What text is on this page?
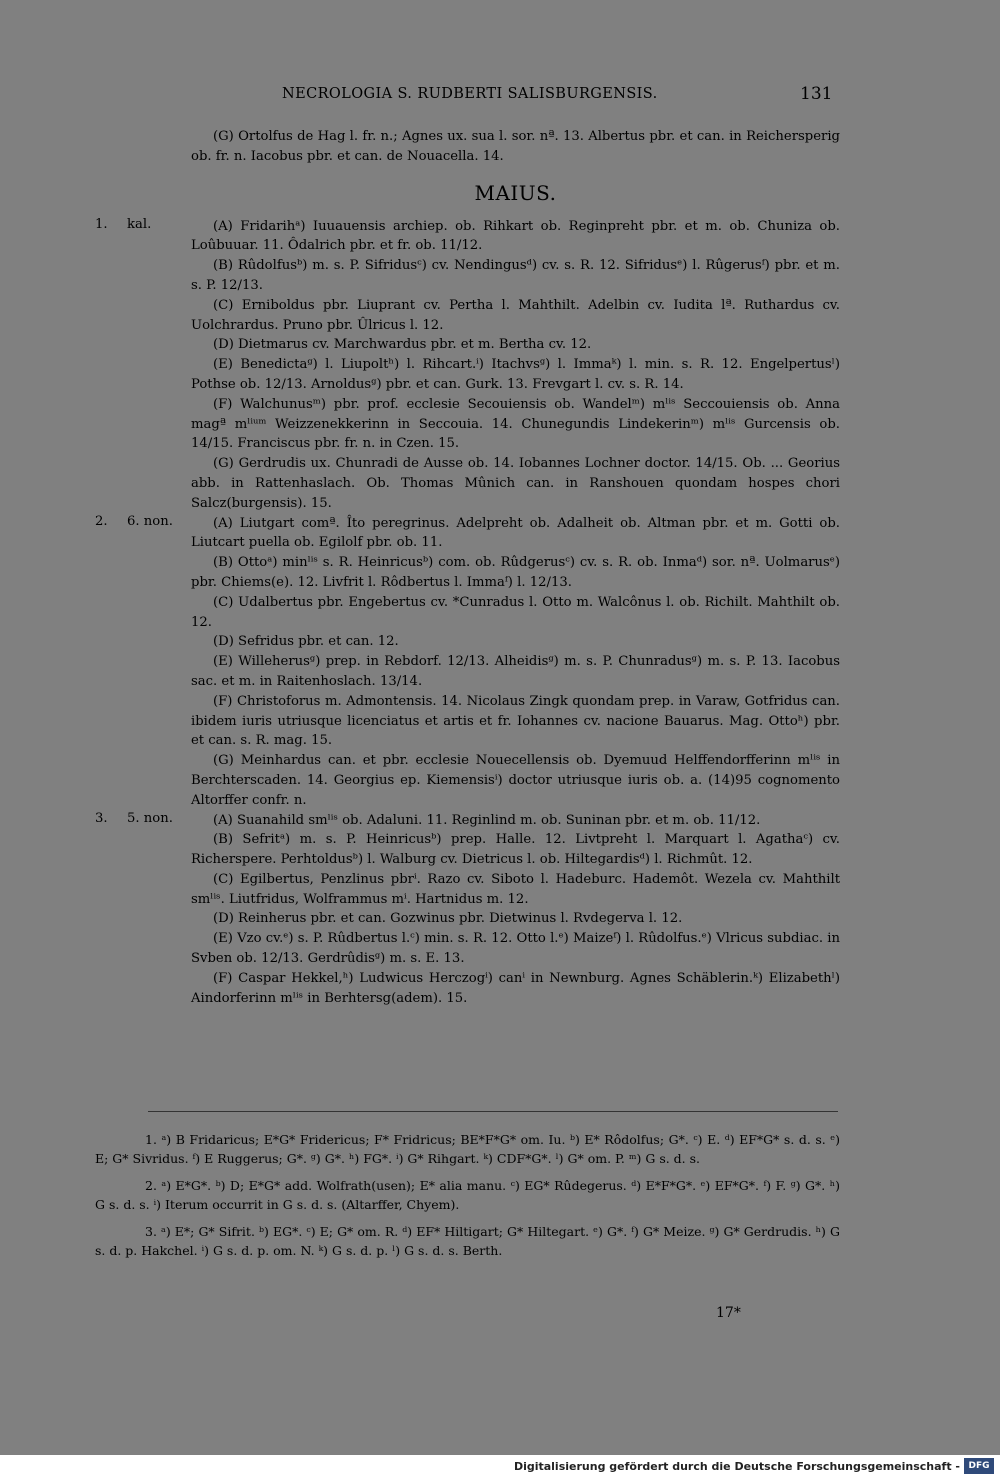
NECROLOGIA S. RUDBERTI SALISBURGENSIS.	131

(G) Ortolfus de Hag l. fr. n.; Agnes ux. sua l. sor. nª. 13. Albertus pbr. et can. in Reichersperig ob. fr. n. Iacobus pbr. et can. de Nouacella. 14.

MAIUS.
1.	kal.	(A) Fridarihᵃ) Iuuauensis archiep. ob. Rihkart ob. Reginpreht pbr. et m. ob. Chuniza ob. Loûbuuar. 11. Ôdalrich pbr. et fr. ob. 11/12.

(B) Rûdolfusᵇ) m. s. P. Sifridusᶜ) cv. Nendingusᵈ) cv. s. R. 12. Sifridusᵉ) l. Rûgerusᶠ) pbr. et m. s. P. 12/13.

(C) Erniboldus pbr. Liuprant cv. Pertha l. Mahthilt. Adelbin cv. Iudita lª. Ruthardus cv. Uolchrardus. Pruno pbr. Ûlricus l. 12.

(D) Dietmarus cv. Marchwardus pbr. et m. Bertha cv. 12.

(E) Benedictaᵍ) l. Liupoltʰ) l. Rihcart.ⁱ) Itachvsᵍ) l. Immaᵏ) l. min. s. R. 12. Engelpertusˡ) Pothse ob. 12/13. Arnoldusᵍ) pbr. et can. Gurk. 13. Frevgart l. cv. s. R. 14.

(F) Walchunusᵐ) pbr. prof. ecclesie Secouiensis ob. Wandelᵐ) mˡⁱˢ Seccouiensis ob. Anna magª mˡⁱᵘᵐ Weizzenekkerinn in Seccouia. 14. Chunegundis Lindekerinᵐ) mˡⁱˢ Gurcensis ob. 14/15. Franciscus pbr. fr. n. in Czen. 15.

(G) Gerdrudis ux. Chunradi de Ausse ob. 14. Iobannes Lochner doctor. 14/15. Ob. ... Georius abb. in Rattenhaslach. Ob. Thomas Mûnich can. in Ranshouen quondam hospes chori Salcz(burgensis). 15.

2.	6. non.	(A) Liutgart comª. Îto peregrinus. Adelpreht ob. Adalheit ob. Altman pbr. et m. Gotti ob. Liutcart puella ob. Egilolf pbr. ob. 11.

(B) Ottoᵃ) minˡⁱˢ s. R. Heinricusᵇ) com. ob. Rûdgerusᶜ) cv. s. R. ob. Inmaᵈ) sor. nª. Uolmarusᵉ) pbr. Chiems(e). 12. Livfrit l. Rôdbertus l. Immaᶠ) l. 12/13.

(C) Udalbertus pbr. Engebertus cv. *Cunradus l. Otto m. Walcônus l. ob. Richilt. Mahthilt ob. 12.

(D) Sefridus pbr. et can. 12.

(E) Willeherusᵍ) prep. in Rebdorf. 12/13. Alheidisᵍ) m. s. P. Chunradusᵍ) m. s. P. 13. Iacobus sac. et m. in Raitenhoslach. 13/14.

(F) Christoforus m. Admontensis. 14. Nicolaus Zingk quondam prep. in Varaw, Gotfridus can. ibidem iuris utriusque licenciatus et artis et fr. Iohannes cv. nacione Bauarus. Mag. Ottoʰ) pbr. et can. s. R. mag. 15.

(G) Meinhardus can. et pbr. ecclesie Nouecellensis ob. Dyemuud Helffendorfferinn mˡⁱˢ in Berchterscaden. 14. Georgius ep. Kiemensisⁱ) doctor utriusque iuris ob. a. (14)95 cognomento Altorffer confr. n.

3.	5. non.	(A) Suanahild smˡⁱˢ ob. Adaluni. 11. Reginlind m. ob. Suninan pbr. et m. ob. 11/12.

(B) Sefritᵃ) m. s. P. Heinricusᵇ) prep. Halle. 12. Livtpreht l. Marquart l. Agathaᶜ) cv. Richerspere. Perhtoldusᵇ) l. Walburg cv. Dietricus l. ob. Hiltegardisᵈ) l. Richmût. 12.

(C) Egilbertus, Penzlinus pbrⁱ. Razo cv. Siboto l. Hadeburc. Hademôt. Wezela cv. Mahthilt smˡⁱˢ. Liutfridus, Wolframmus mⁱ. Hartnidus m. 12.

(D) Reinherus pbr. et can. Gozwinus pbr. Dietwinus l. Rvdegerva l. 12.

(E) Vzo cv.ᵉ) s. P. Rûdbertus l.ᶜ) min. s. R. 12. Otto l.ᵉ) Maizeᶠ) l. Rûdolfus.ᵉ) Vlricus subdiac. in Svben ob. 12/13. Gerdrûdisᵍ) m. s. E. 13.

(F) Caspar Hekkel,ʰ) Ludwicus Herczogⁱ) canⁱ in Newnburg. Agnes Schäblerin.ᵏ) Elizabethˡ) Aindorferinn mˡⁱˢ in Berhtersg(adem). 15.

1. ᵃ) B Fridaricus; E*G* Fridericus; F* Fridricus; BE*F*G* om. Iu. ᵇ) E* Rôdolfus; G*. ᶜ) E. ᵈ) EF*G* s. d. s. ᵉ) E; G* Sivridus. ᶠ) E Ruggerus; G*. ᵍ) G*. ʰ) FG*. ⁱ) G* Rihgart. ᵏ) CDF*G*. ˡ) G* om. P. ᵐ) G s. d. s.

2. ᵃ) E*G*. ᵇ) D; E*G* add. Wolfrath(usen); E* alia manu. ᶜ) EG* Rûdegerus. ᵈ) E*F*G*. ᵉ) EF*G*. ᶠ) F. ᵍ) G*. ʰ) G s. d. s. ⁱ) Iterum occurrit in G s. d. s. (Altarffer, Chyem).

3. ᵃ) E*; G* Sifrit. ᵇ) EG*. ᶜ) E; G* om. R. ᵈ) EF* Hiltigart; G* Hiltegart. ᵉ) G*. ᶠ) G* Meize. ᵍ) G* Gerdrudis. ʰ) G s. d. p. Hakchel. ⁱ) G s. d. p. om. N. ᵏ) G s. d. p. ˡ) G s. d. s. Berth.

17*
Digitalisierung gefördert durch die Deutsche Forschungsgemeinschaft - DFG
